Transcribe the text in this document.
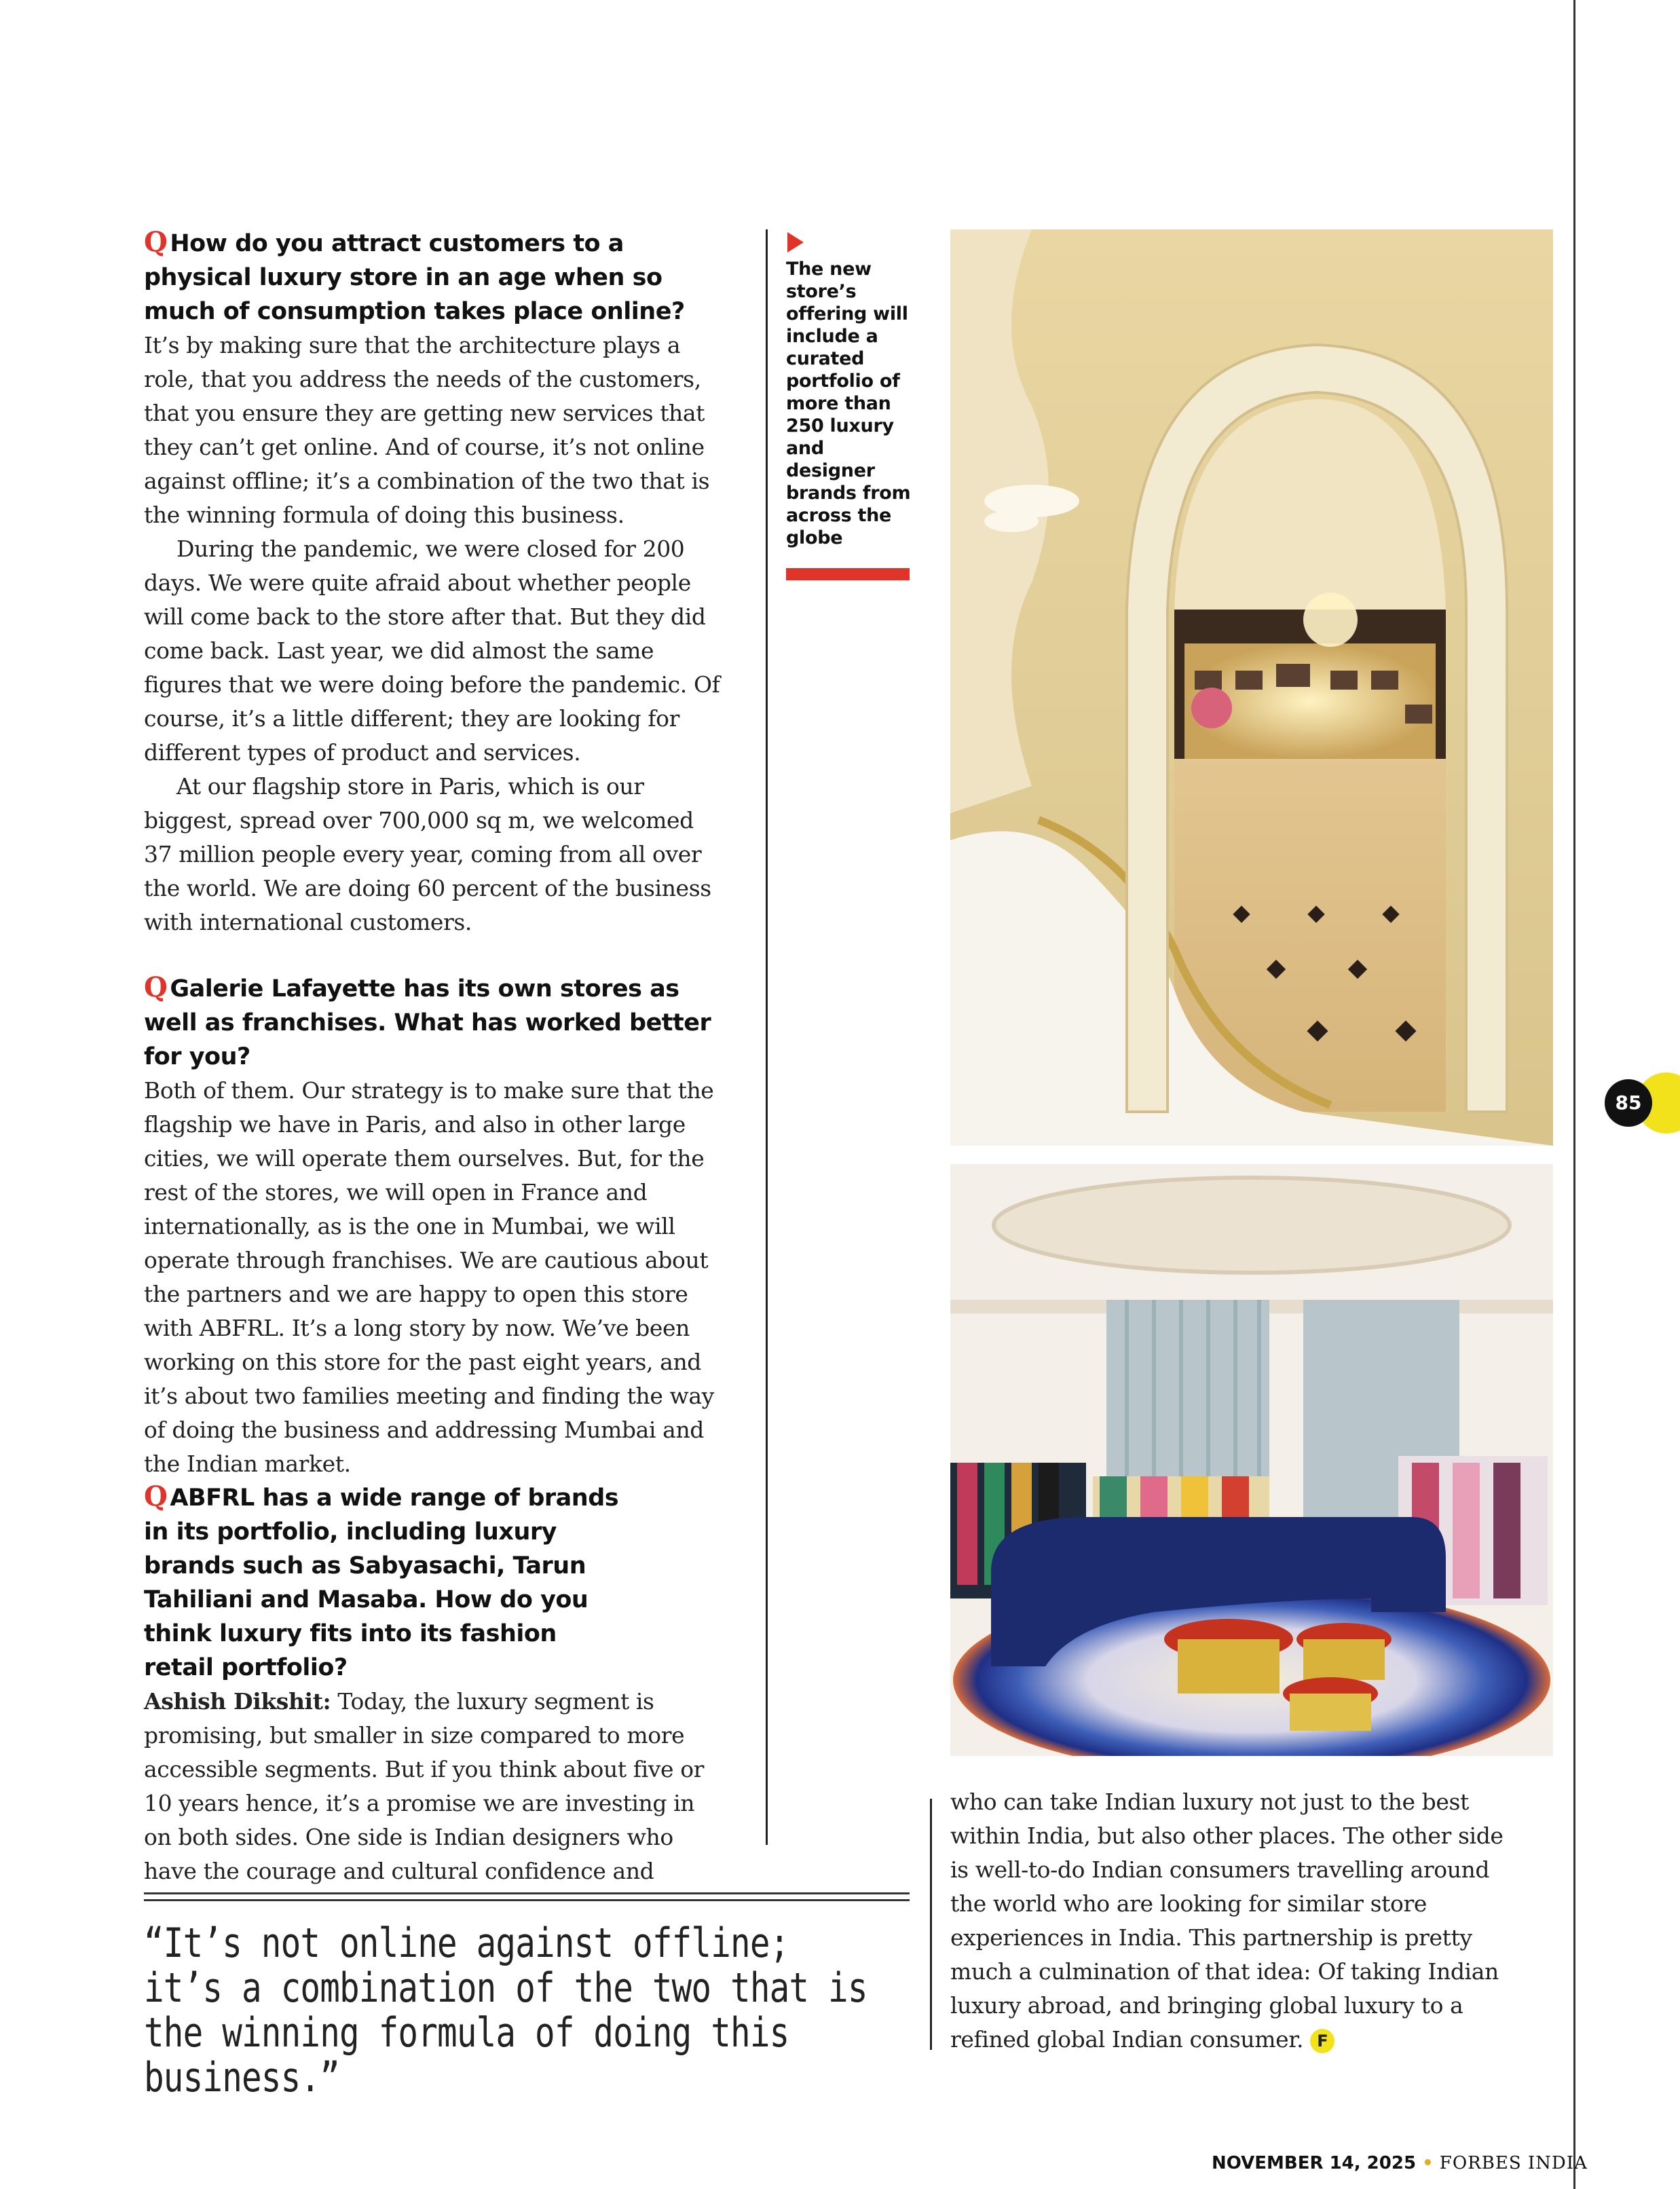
Q How do you attract customers to a physical luxury store in an age when so much of consumption takes place online?

It’s by making sure that the architecture plays a role, that you address the needs of the customers, that you ensure they are getting new services that they can’t get online. And of course, it’s not online against offline; it’s a combination of the two that is the winning formula of doing this business.

During the pandemic, we were closed for 200 days. We were quite afraid about whether people will come back to the store after that. But they did come back. Last year, we did almost the same figures that we were doing before the pandemic. Of course, it’s a little different; they are looking for different types of product and services.

At our flagship store in Paris, which is our biggest, spread over 700,000 sq m, we welcomed 37 million people every year, coming from all over the world. We are doing 60 percent of the business with international customers.

Q Galerie Lafayette has its own stores as well as franchises. What has worked better for you?

Both of them. Our strategy is to make sure that the flagship we have in Paris, and also in other large cities, we will operate them ourselves. But, for the rest of the stores, we will open in France and internationally, as is the one in Mumbai, we will operate through franchises. We are cautious about the partners and we are happy to open this store with ABFRL. It’s a long story by now. We’ve been working on this store for the past eight years, and it’s about two families meeting and finding the way of doing the business and addressing Mumbai and the Indian market.

Q ABFRL has a wide range of brands in its portfolio, including luxury brands such as Sabyasachi, Tarun Tahiliani and Masaba. How do you think luxury fits into its fashion retail portfolio?

Ashish Dikshit: Today, the luxury segment is promising, but smaller in size compared to more accessible segments. But if you think about five or 10 years hence, it’s a promise we are investing in on both sides. One side is Indian designers who have the courage and cultural confidence and

The new store’s offering will include a curated portfolio of more than 250 luxury and designer brands from across the globe

who can take Indian luxury not just to the best within India, but also other places. The other side is well-to-do Indian consumers travelling around the world who are looking for similar store experiences in India. This partnership is pretty much a culmination of that idea: Of taking Indian luxury abroad, and bringing global luxury to a refined global Indian consumer. F

“It’s not online against offline; it’s a combination of the two that is the winning formula of doing this business.”
85
NOVEMBER 14, 2025 • FORBES INDIA
